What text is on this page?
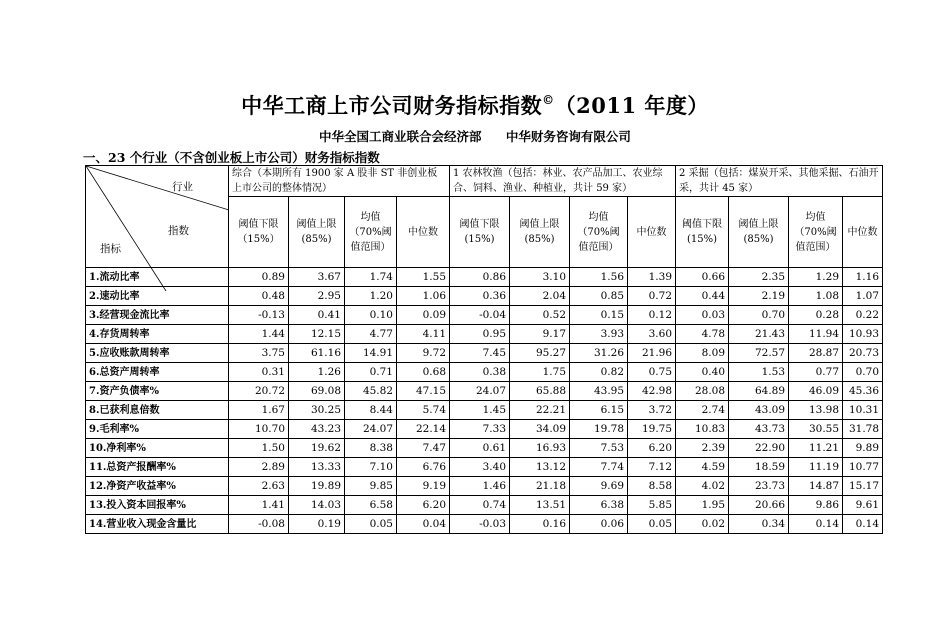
中华工商上市公司财务指标指数©（2011 年度）
中华全国工商业联合会经济部 中华财务咨询有限公司
一、23 个行业（不含创业板上市公司）财务指标指数
行业
指数
指标	综合（本期所有 1900 家 A 股非 ST 非创业板上市公司的整体情况）				1 农林牧渔（包括：林业、农产品加工、农业综合、饲料、渔业、种植业，共计 59 家）				2 采掘（包括：煤炭开采、其他采掘、石油开采，共计 45 家）			
	阈值下限（15%）	阈值上限(85%)	均值（70%阈值范围）	中位数	阈值下限(15%)	阈值上限(85%)	均值（70%阈值范围）	中位数	阈值下限(15%)	阈值上限(85%)	均值（70%阈值范围）	中位数
1.流动比率	0.89	3.67	1.74	1.55	0.86	3.10	1.56	1.39	0.66	2.35	1.29	1.16
2.速动比率	0.48	2.95	1.20	1.06	0.36	2.04	0.85	0.72	0.44	2.19	1.08	1.07
3.经营现金流比率	-0.13	0.41	0.10	0.09	-0.04	0.52	0.15	0.12	0.03	0.70	0.28	0.22
4.存货周转率	1.44	12.15	4.77	4.11	0.95	9.17	3.93	3.60	4.78	21.43	11.94	10.93
5.应收账款周转率	3.75	61.16	14.91	9.72	7.45	95.27	31.26	21.96	8.09	72.57	28.87	20.73
6.总资产周转率	0.31	1.26	0.71	0.68	0.38	1.75	0.82	0.75	0.40	1.53	0.77	0.70
7.资产负债率%	20.72	69.08	45.82	47.15	24.07	65.88	43.95	42.98	28.08	64.89	46.09	45.36
8.已获利息倍数	1.67	30.25	8.44	5.74	1.45	22.21	6.15	3.72	2.74	43.09	13.98	10.31
9.毛利率%	10.70	43.23	24.07	22.14	7.33	34.09	19.78	19.75	10.83	43.73	30.55	31.78
10.净利率%	1.50	19.62	8.38	7.47	0.61	16.93	7.53	6.20	2.39	22.90	11.21	9.89
11.总资产报酬率%	2.89	13.33	7.10	6.76	3.40	13.12	7.74	7.12	4.59	18.59	11.19	10.77
12.净资产收益率%	2.63	19.89	9.85	9.19	1.46	21.18	9.69	8.58	4.02	23.73	14.87	15.17
13.投入资本回报率%	1.41	14.03	6.58	6.20	0.74	13.51	6.38	5.85	1.95	20.66	9.86	9.61
14.营业收入现金含量比	-0.08	0.19	0.05	0.04	-0.03	0.16	0.06	0.05	0.02	0.34	0.14	0.14
